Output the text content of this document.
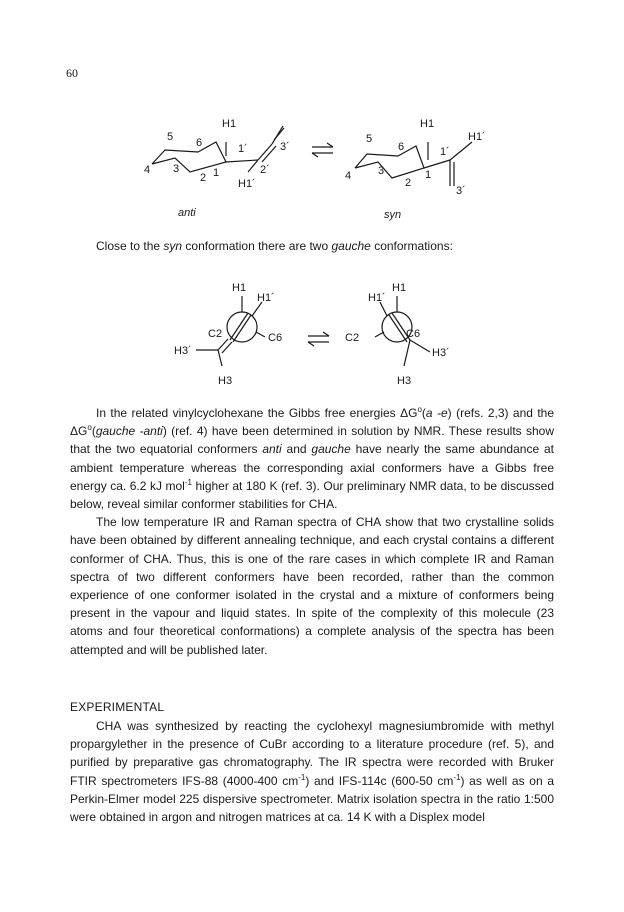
60
H1
5 6
4 3	1
2
1´
2´
3´
H1´
H1
5
6
4 3	1
2
1´
H1´
3´
anti	syn
Close to the syn conformation there are two gauche conformations:
H1
H1´
C2	C6
H3´
H3
H1
H1´
C2	C6
H3´
H3

In the related vinylcyclohexane the Gibbs free energies $\Delta G^o(a$ -e) (refs. 2,3) and the $\Delta G^o(gauche$ -anti) (ref. 4) have been determined in solution by NMR. These results show that the two equatorial conformers anti and gauche have nearly the same abundance at ambient temperature whereas the corresponding axial conformers have a Gibbs free energy ca. 6.2 kJ mol$^{-1}$ higher at 180 K (ref. 3). Our preliminary NMR data, to be discussed below, reveal similar conformer stabilities for CHA.

The low temperature IR and Raman spectra of CHA show that two crystalline solids have been obtained by different annealing technique, and each crystal contains a different conformer of CHA. Thus, this is one of the rare cases in which complete IR and Raman spectra of two different conformers have been recorded, rather than the common experience of one conformer isolated in the crystal and a mixture of conformers being present in the vapour and liquid states. In spite of the complexity of this molecule (23 atoms and four theoretical conformations) a complete analysis of the spectra has been attempted and will be published later.

EXPERIMENTAL

CHA was synthesized by reacting the cyclohexyl magnesiumbromide with methyl propargylether in the presence of CuBr according to a literature procedure (ref. 5), and purified by preparative gas chromatography. The IR spectra were recorded with Bruker FTIR spectrometers IFS-88 (4000-400 $cm^{-1}$) and IFS-114c (600-50 $cm^{-1}$) as well as on a Perkin-Elmer model 225 dispersive spectrometer. Matrix isolation spectra in the ratio 1:500 were obtained in argon and nitrogen matrices at ca. 14 K with a Displex model
